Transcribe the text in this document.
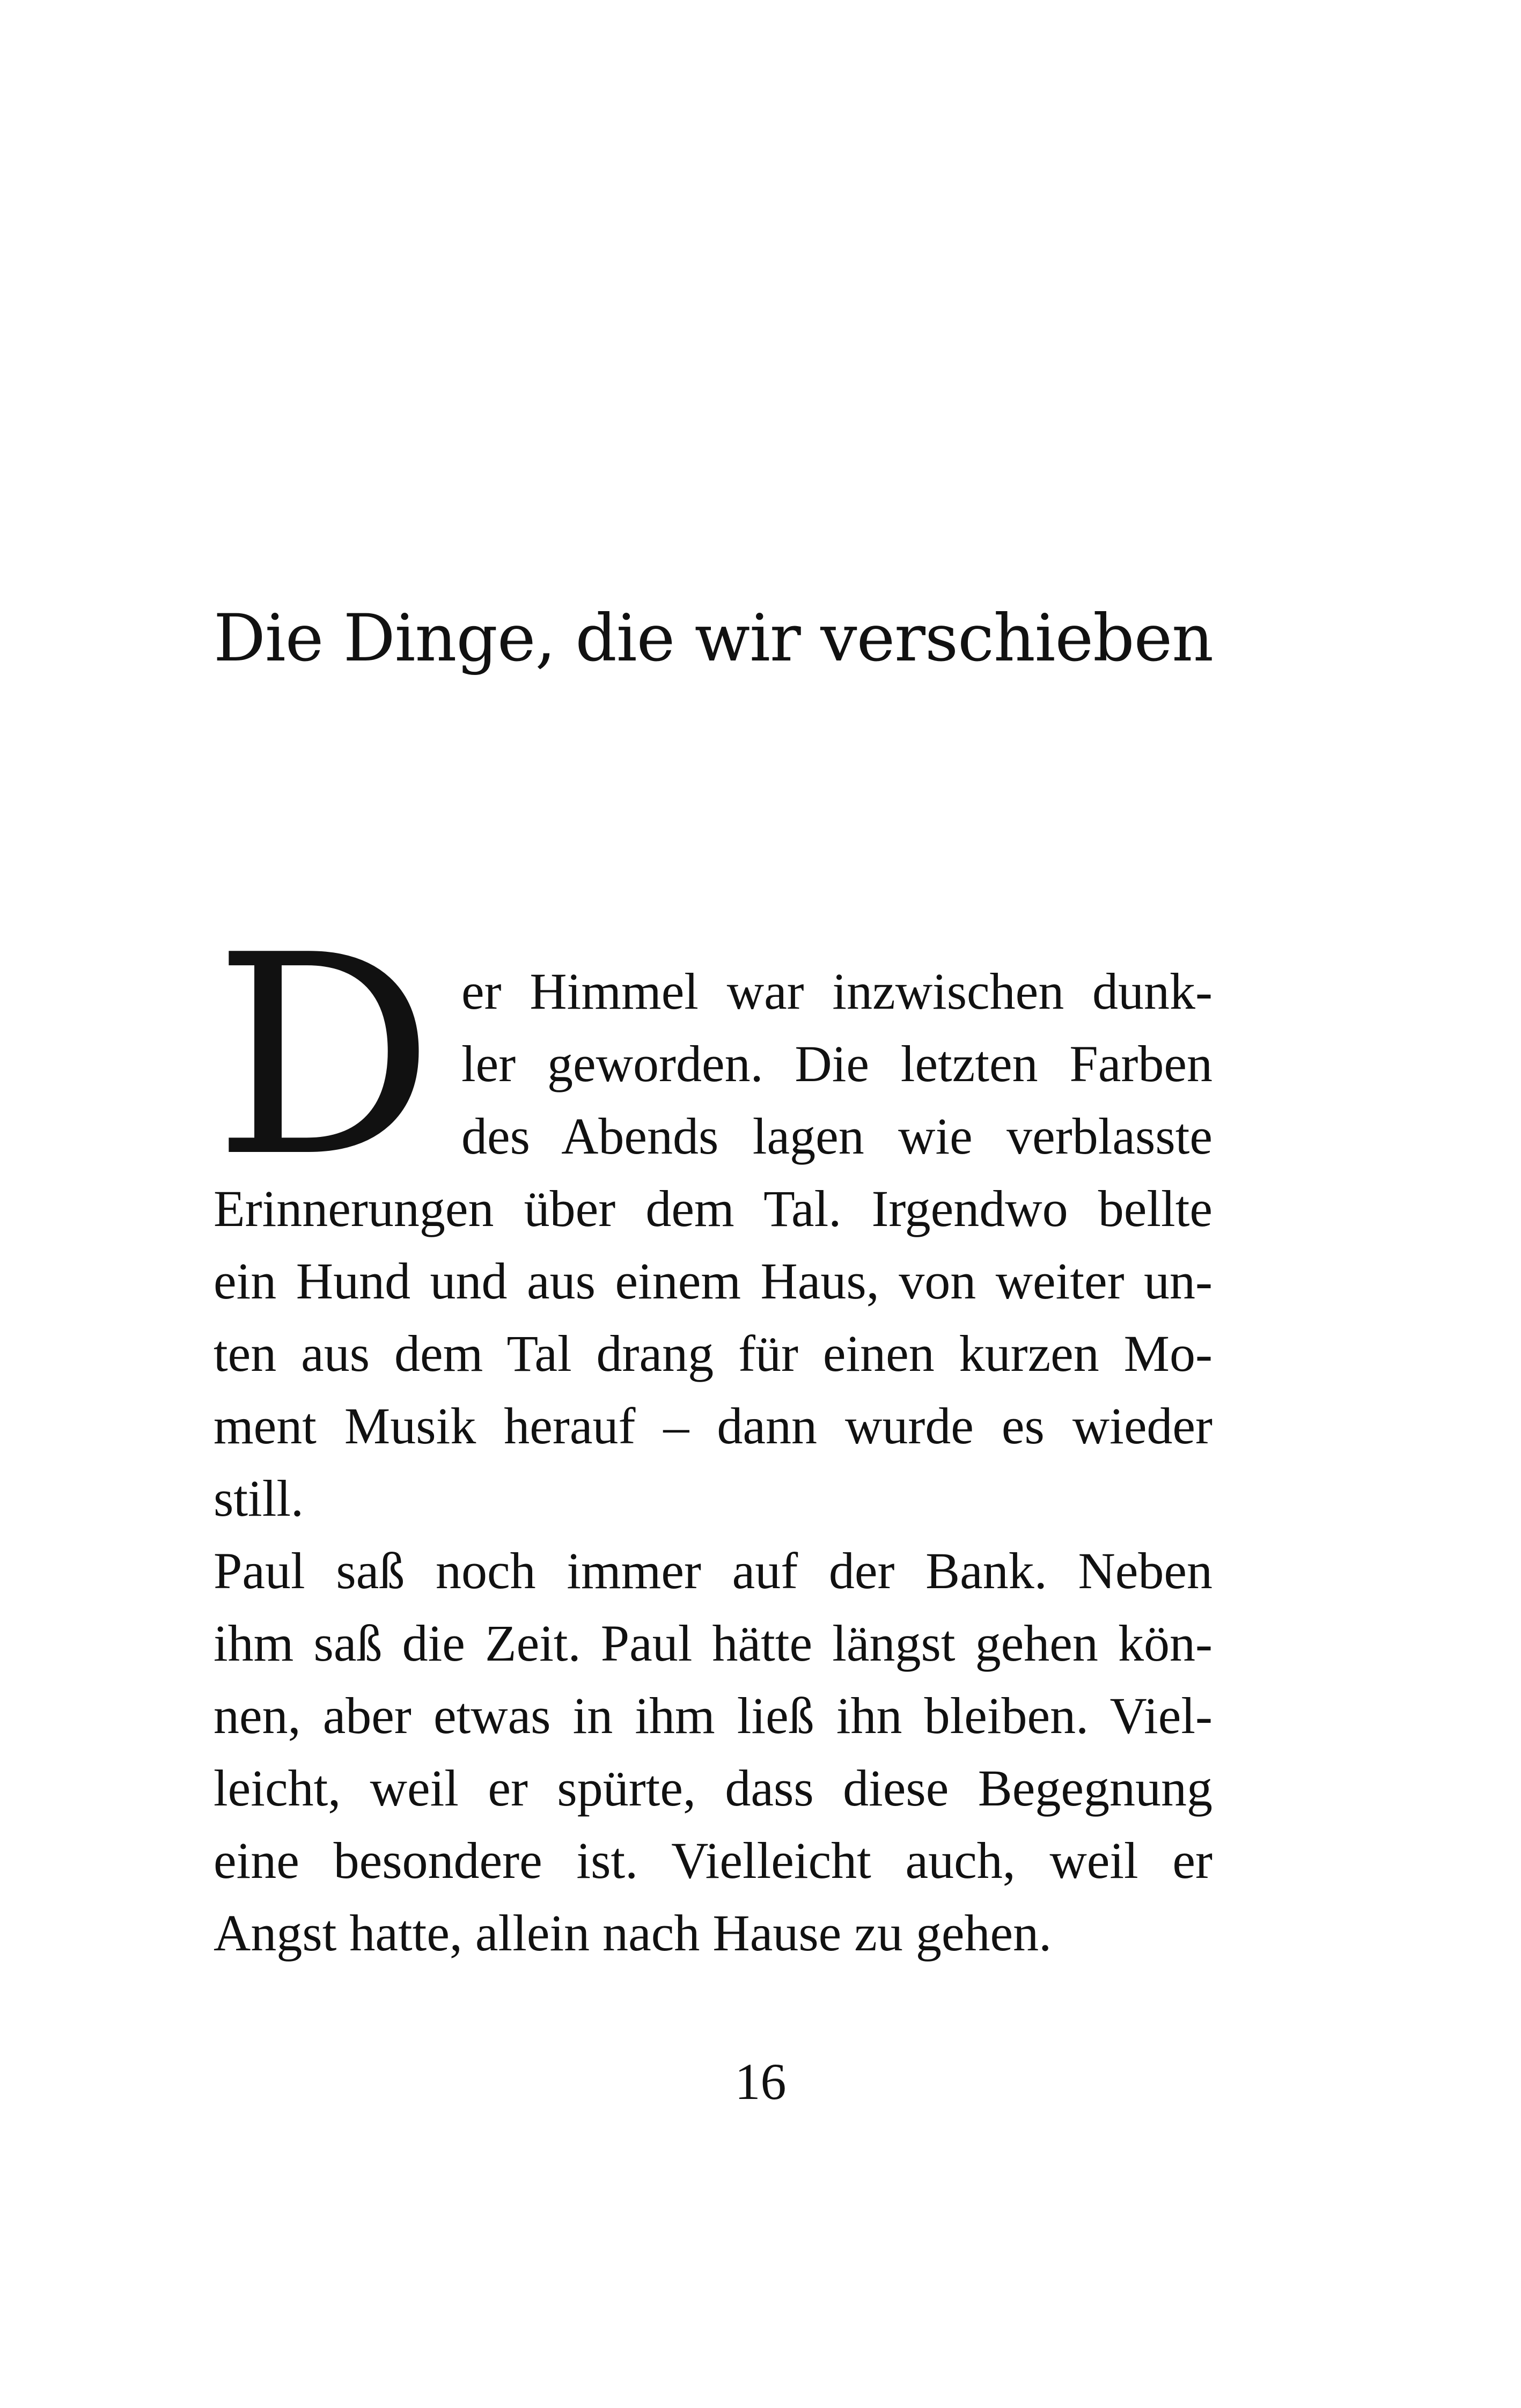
Die Dinge, die wir verschieben
D er Himmel war inzwischen dunk-

ler geworden. Die letzten Farben

des Abends lagen wie verblasste

Erinnerungen über dem Tal. Irgendwo bellte

ein Hund und aus einem Haus, von weiter un-

ten aus dem Tal drang für einen kurzen Mo-

ment Musik herauf – dann wurde es wieder

still.

Paul saß noch immer auf der Bank. Neben

ihm saß die Zeit. Paul hätte längst gehen kön-

nen, aber etwas in ihm ließ ihn bleiben. Viel-

leicht, weil er spürte, dass diese Begegnung

eine besondere ist. Vielleicht auch, weil er

Angst hatte, allein nach Hause zu gehen.

16
